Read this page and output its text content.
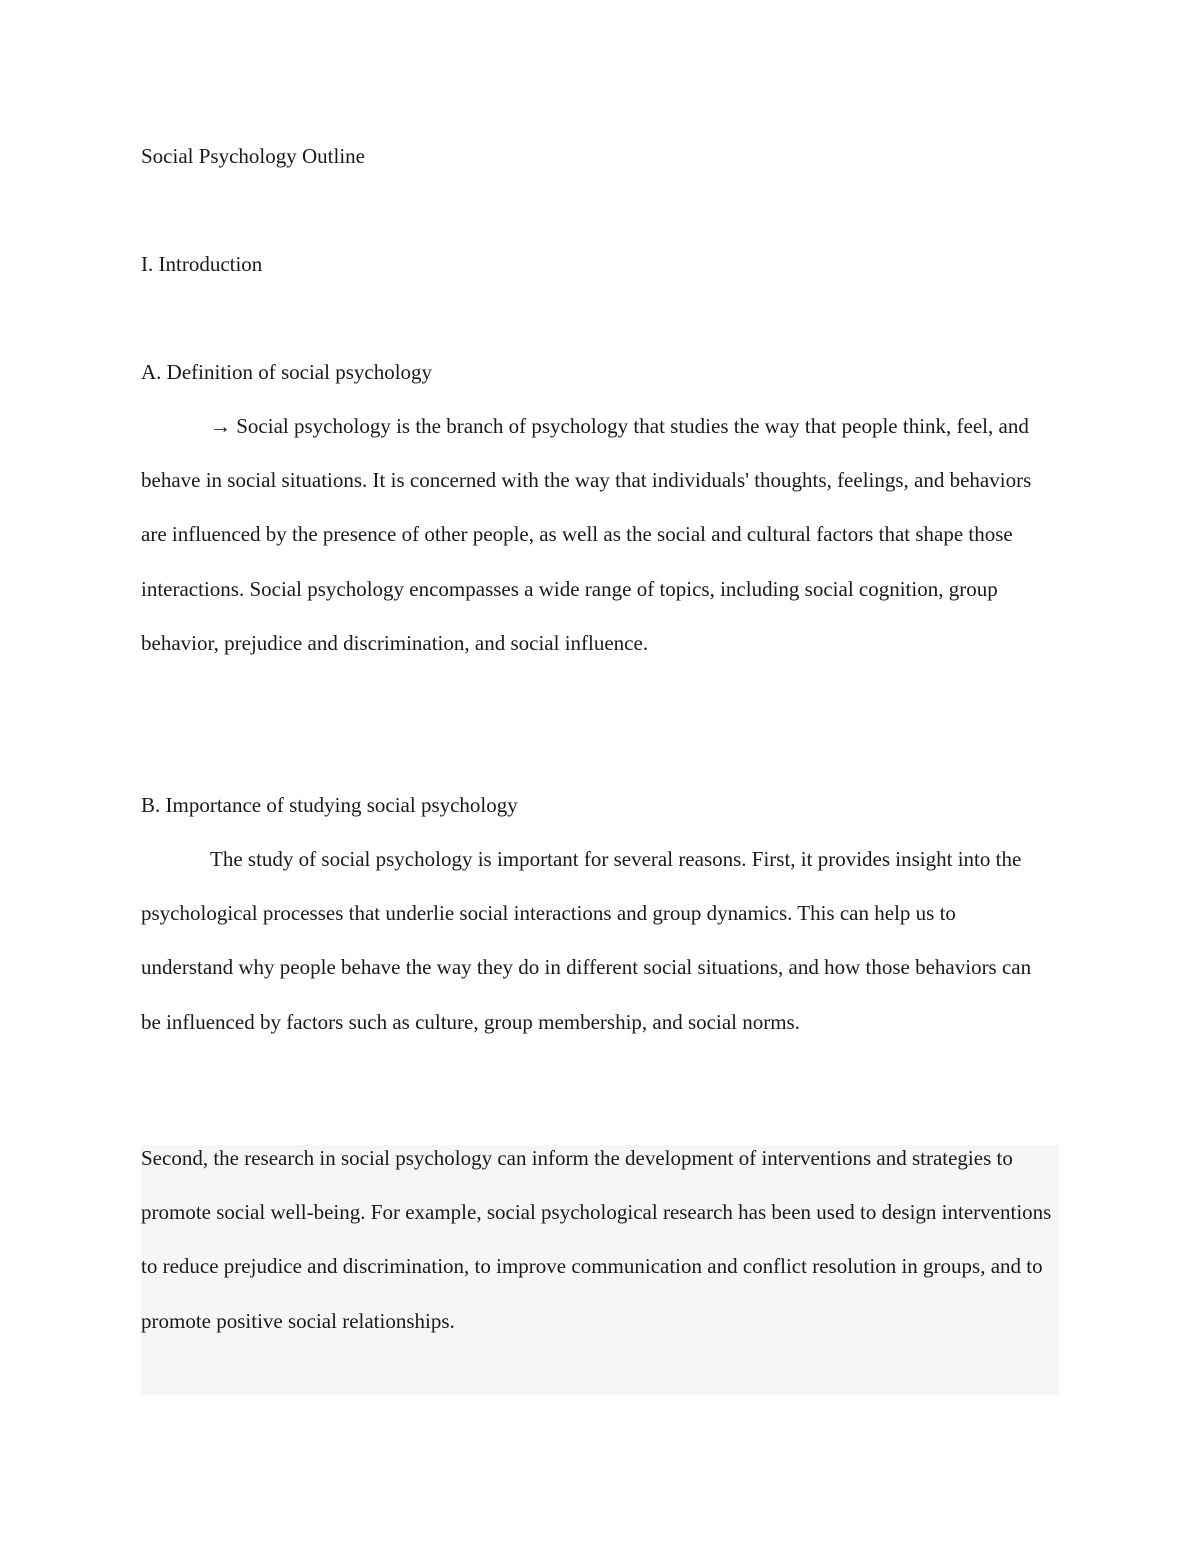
Social Psychology Outline

I. Introduction

A. Definition of social psychology

→ Social psychology is the branch of psychology that studies the way that people think, feel, and behave in social situations. It is concerned with the way that individuals' thoughts, feelings, and behaviors are influenced by the presence of other people, as well as the social and cultural factors that shape those interactions. Social psychology encompasses a wide range of topics, including social cognition, group behavior, prejudice and discrimination, and social influence.

B. Importance of studying social psychology

The study of social psychology is important for several reasons. First, it provides insight into the psychological processes that underlie social interactions and group dynamics. This can help us to understand why people behave the way they do in different social situations, and how those behaviors can be influenced by factors such as culture, group membership, and social norms.

Second, the research in social psychology can inform the development of interventions and strategies to promote social well-being. For example, social psychological research has been used to design interventions to reduce prejudice and discrimination, to improve communication and conflict resolution in groups, and to promote positive social relationships.
